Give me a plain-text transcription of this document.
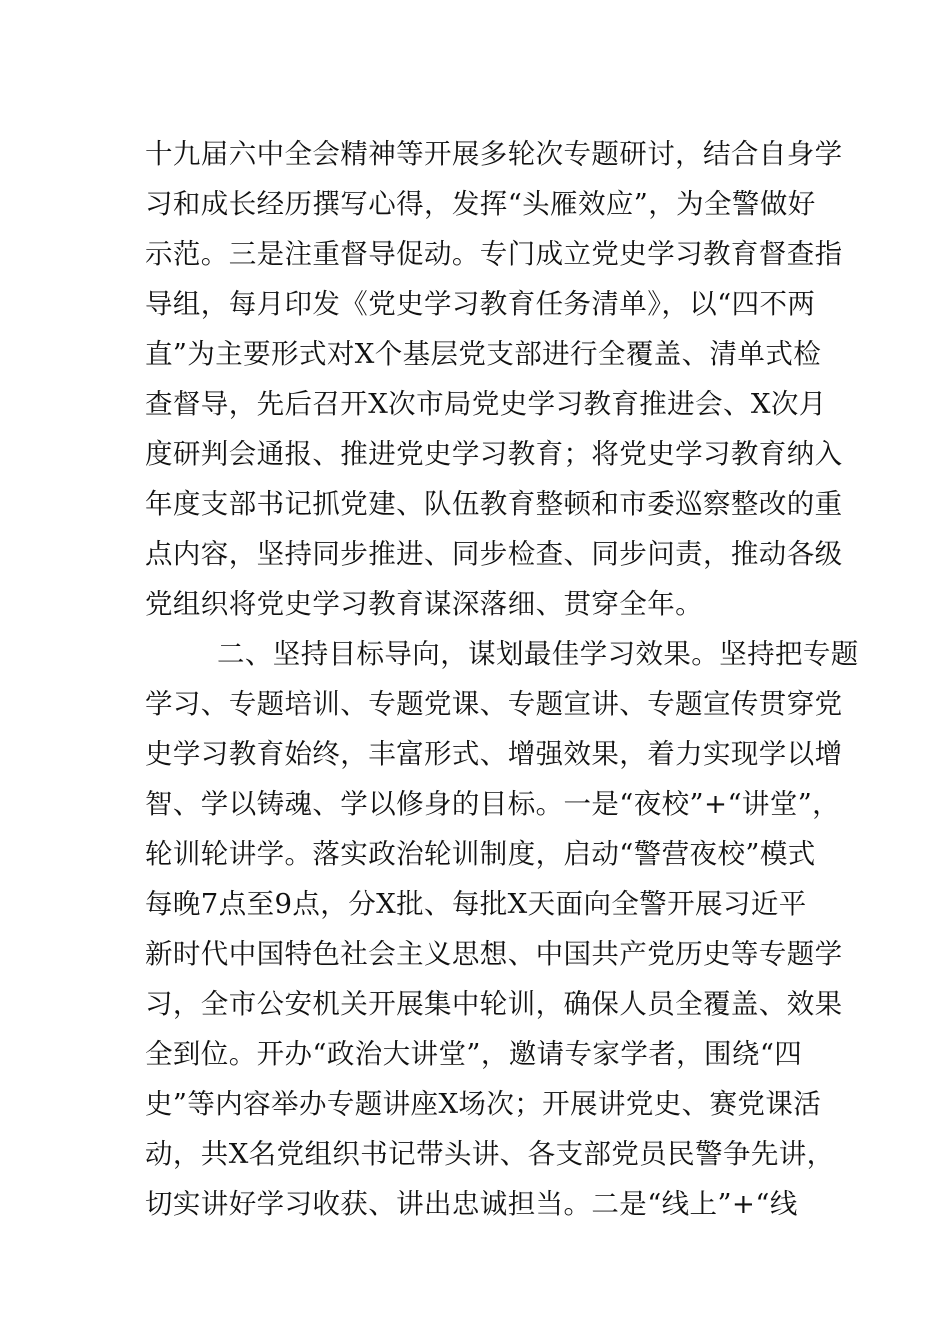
十九届六中全会精神等开展多轮次专题研讨，结合自身学
习和成长经历撰写心得，发挥“头雁效应”，为全警做好
示范。三是注重督导促动。专门成立党史学习教育督查指
导组，每月印发《党史学习教育任务清单》，以“四不两
直”为主要形式对X个基层党支部进行全覆盖、清单式检
查督导，先后召开X次市局党史学习教育推进会、X次月
度研判会通报、推进党史学习教育；将党史学习教育纳入
年度支部书记抓党建、队伍教育整顿和市委巡察整改的重
点内容，坚持同步推进、同步检查、同步问责，推动各级
党组织将党史学习教育谋深落细、贯穿全年。
二、坚持目标导向，谋划最佳学习效果。坚持把专题
学习、专题培训、专题党课、专题宣讲、专题宣传贯穿党
史学习教育始终，丰富形式、增强效果，着力实现学以增
智、学以铸魂、学以修身的目标。一是“夜校”+“讲堂”，
轮训轮讲学。落实政治轮训制度，启动“警营夜校”模式
每晚7点至9点，分X批、每批X天面向全警开展习近平
新时代中国特色社会主义思想、中国共产党历史等专题学
习，全市公安机关开展集中轮训，确保人员全覆盖、效果
全到位。开办“政治大讲堂”，邀请专家学者，围绕“四
史”等内容举办专题讲座X场次；开展讲党史、赛党课活
动，共X名党组织书记带头讲、各支部党员民警争先讲，
切实讲好学习收获、讲出忠诚担当。二是“线上”+“线
